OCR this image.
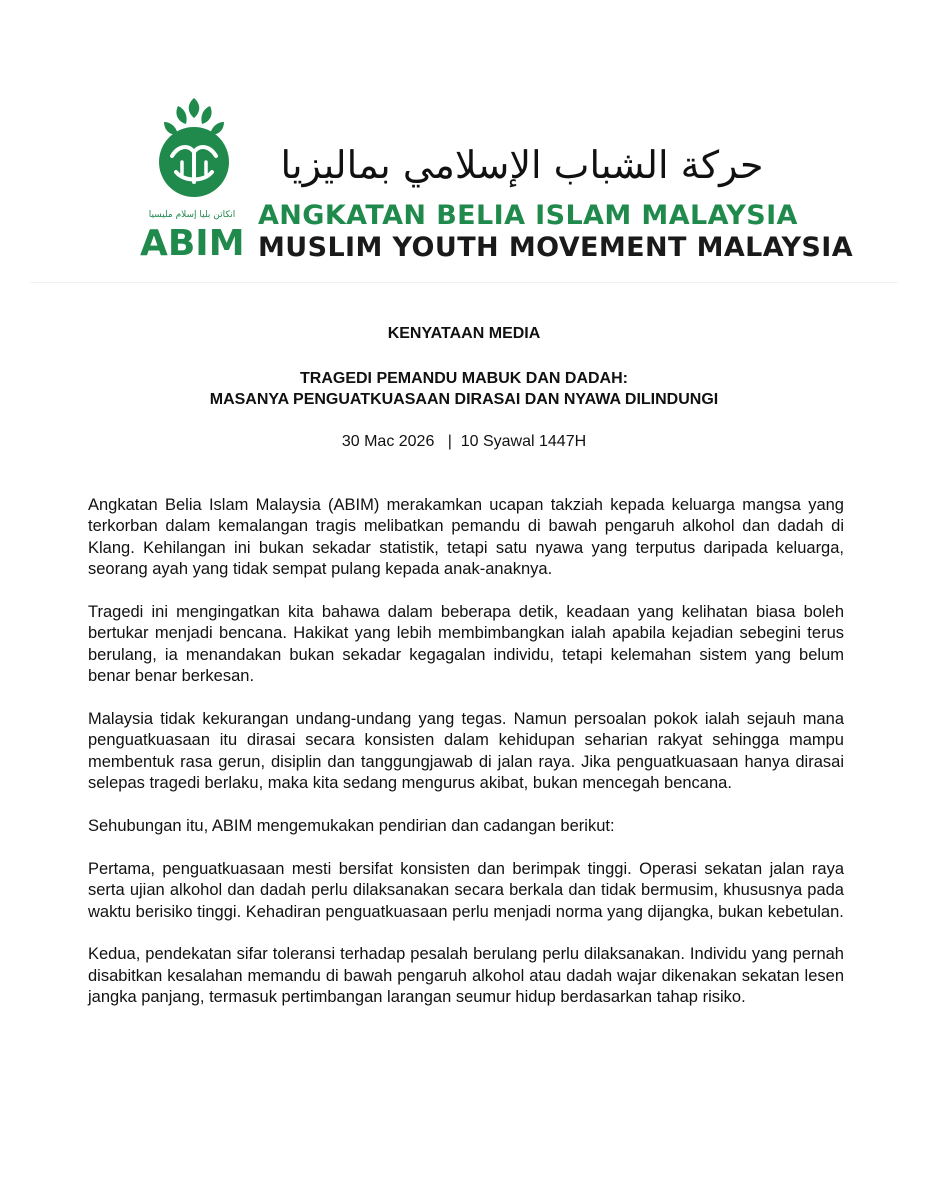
أنكاتن بليا إسلام مليسيا
ABIM
حركة الشباب الإسلامي بماليزيا
ANGKATAN BELIA ISLAM MALAYSIA
MUSLIM YOUTH MOVEMENT MALAYSIA
KENYATAAN MEDIA
TRAGEDI PEMANDU MABUK DAN DADAH:
MASANYA PENGUATKUASAAN DIRASAI DAN NYAWA DILINDUNGI
30 Mac 2026   |  10 Syawal 1447H

Angkatan Belia Islam Malaysia (ABIM) merakamkan ucapan takziah kepada keluarga mangsa yang terkorban dalam kemalangan tragis melibatkan pemandu di bawah pengaruh alkohol dan dadah di Klang. Kehilangan ini bukan sekadar statistik, tetapi satu nyawa yang terputus daripada keluarga, seorang ayah yang tidak sempat pulang kepada anak-anaknya.

Tragedi ini mengingatkan kita bahawa dalam beberapa detik, keadaan yang kelihatan biasa boleh bertukar menjadi bencana. Hakikat yang lebih membimbangkan ialah apabila kejadian sebegini terus berulang, ia menandakan bukan sekadar kegagalan individu, tetapi kelemahan sistem yang belum benar benar berkesan.

Malaysia tidak kekurangan undang-undang yang tegas. Namun persoalan pokok ialah sejauh mana penguatkuasaan itu dirasai secara konsisten dalam kehidupan seharian rakyat sehingga mampu membentuk rasa gerun, disiplin dan tanggungjawab di jalan raya. Jika penguatkuasaan hanya dirasai selepas tragedi berlaku, maka kita sedang mengurus akibat, bukan mencegah bencana.

Sehubungan itu, ABIM mengemukakan pendirian dan cadangan berikut:

Pertama, penguatkuasaan mesti bersifat konsisten dan berimpak tinggi. Operasi sekatan jalan raya serta ujian alkohol dan dadah perlu dilaksanakan secara berkala dan tidak bermusim, khususnya pada waktu berisiko tinggi. Kehadiran penguatkuasaan perlu menjadi norma yang dijangka, bukan kebetulan.

Kedua, pendekatan sifar toleransi terhadap pesalah berulang perlu dilaksanakan. Individu yang pernah disabitkan kesalahan memandu di bawah pengaruh alkohol atau dadah wajar dikenakan sekatan lesen jangka panjang, termasuk pertimbangan larangan seumur hidup berdasarkan tahap risiko.
